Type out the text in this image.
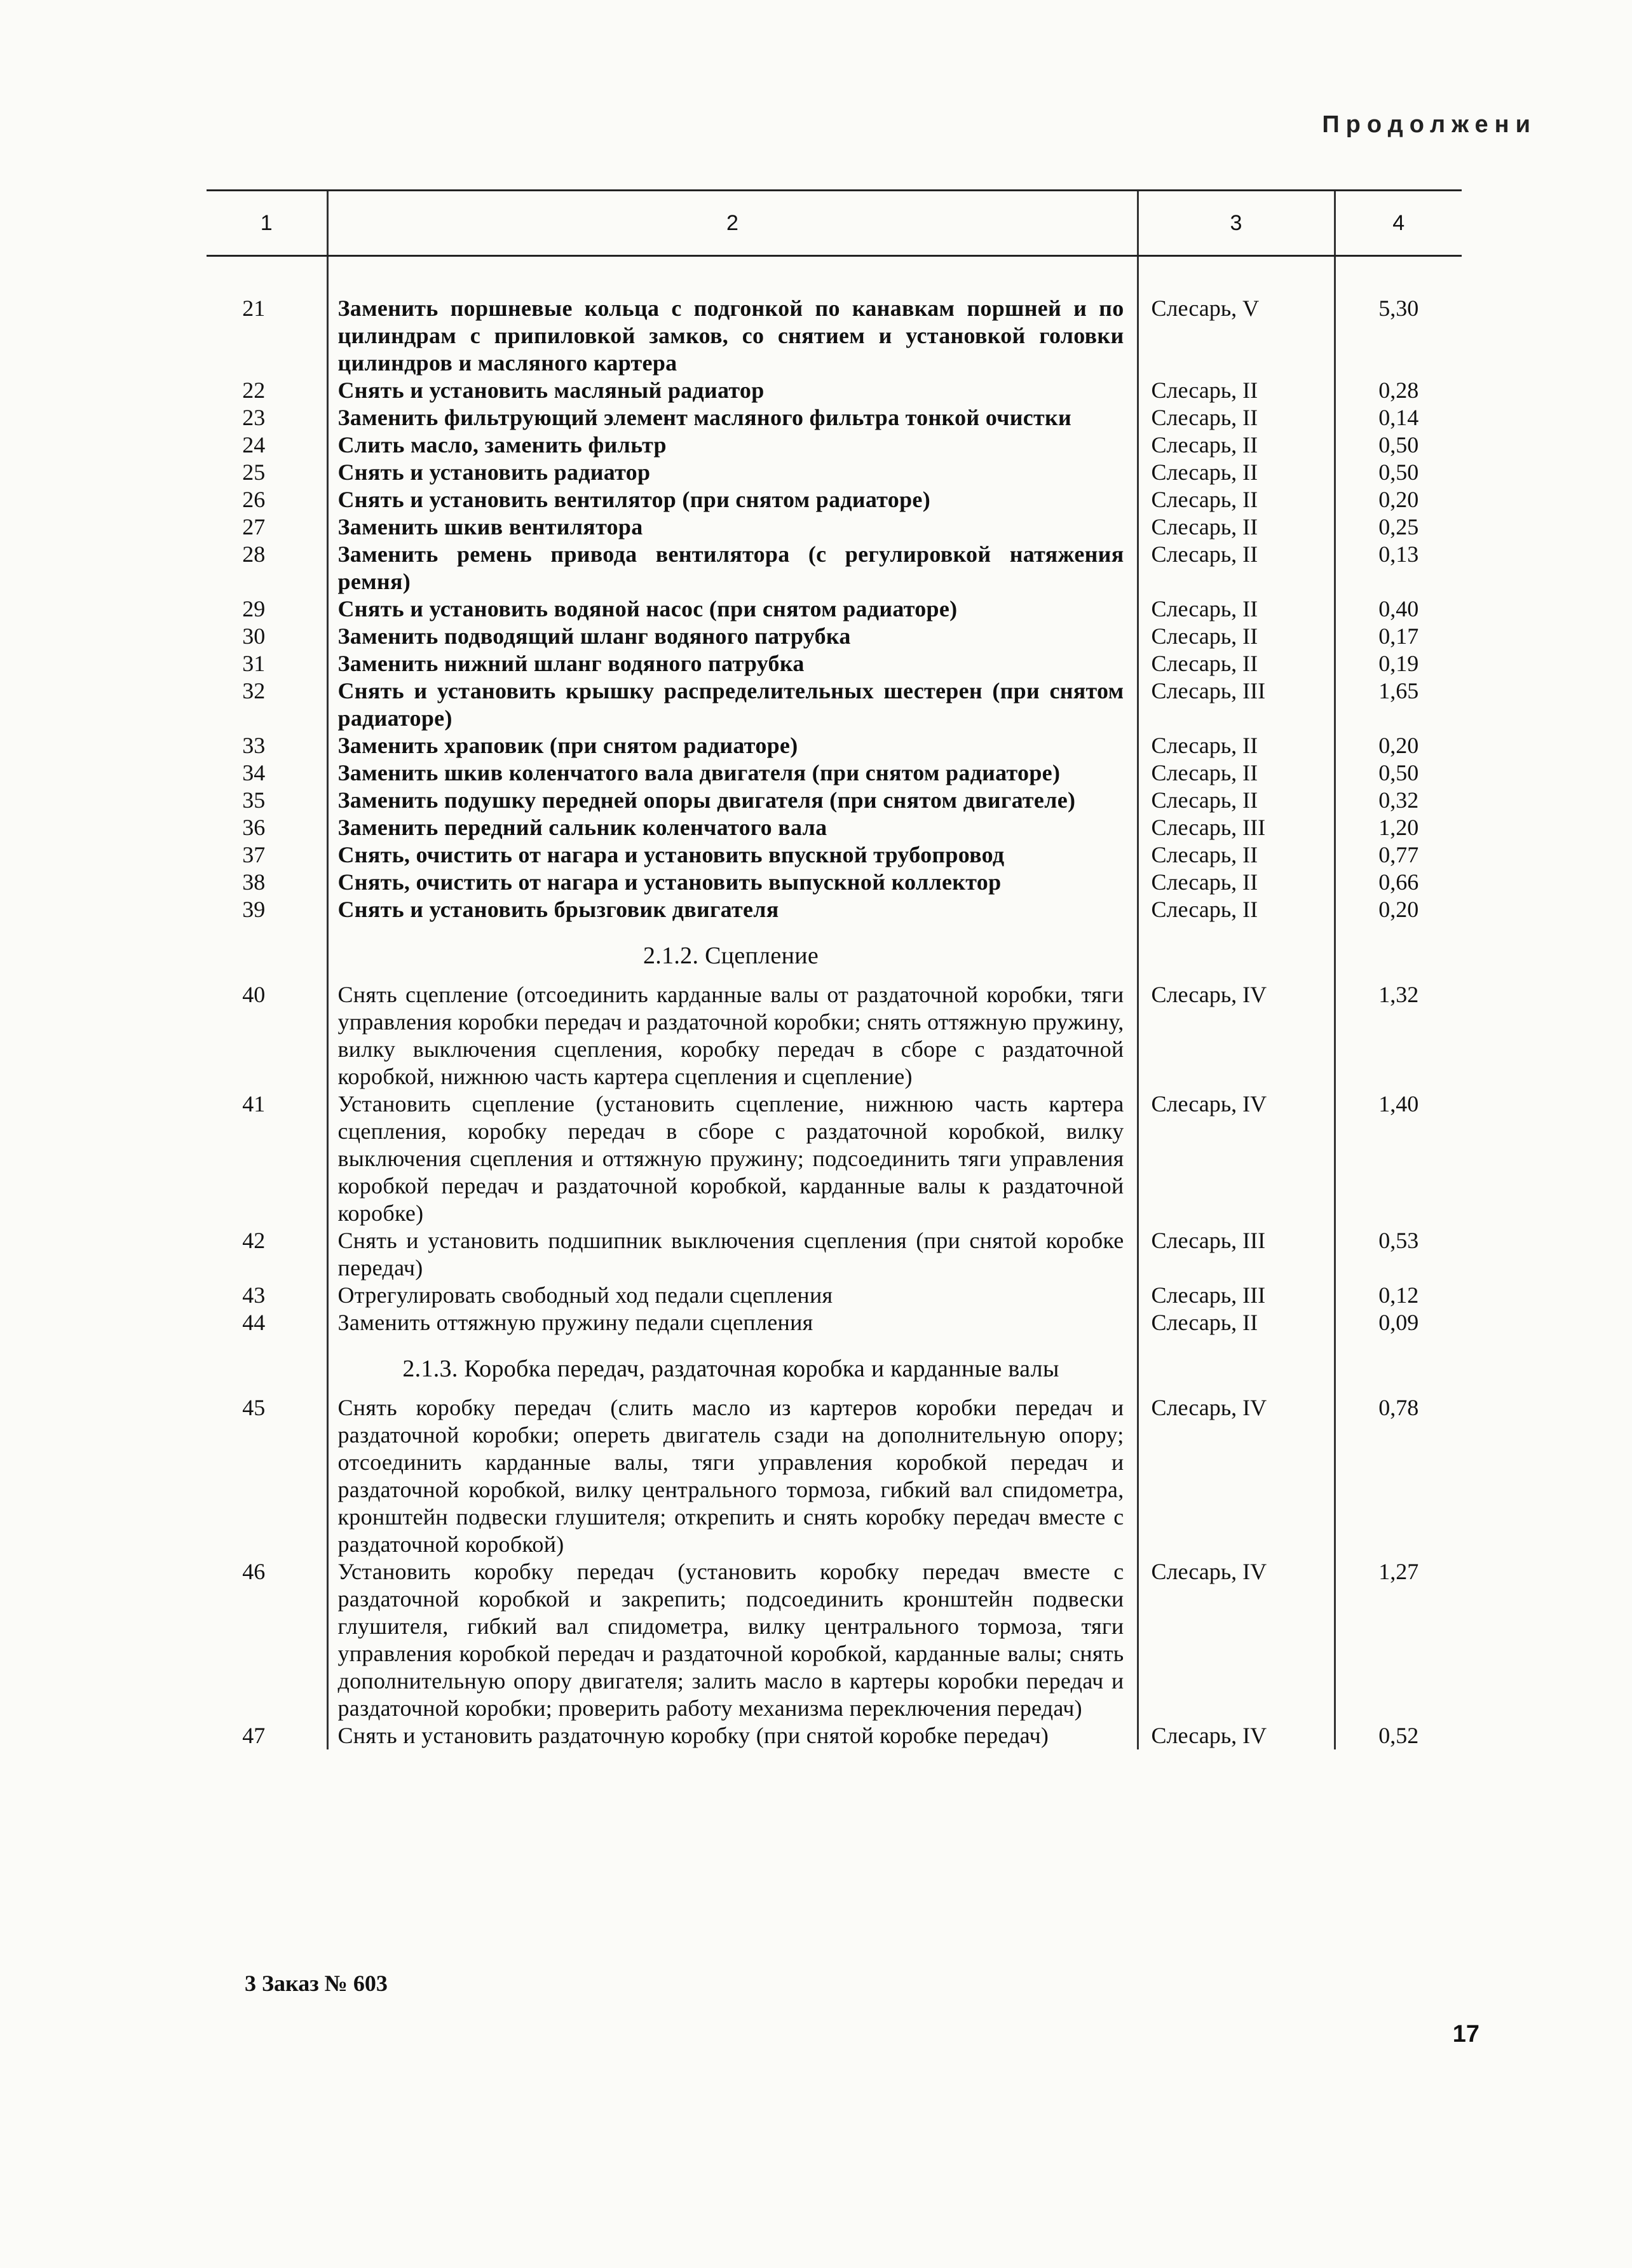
Продолжени
1	2	3	4
21	Заменить поршневые кольца с подгонкой по канавкам поршней и по цилиндрам с припиловкой замков, со снятием и установкой головки цилиндров и масляного картера	Слесарь, V	5,30
22	Снять и установить масляный радиатор	Слесарь, II	0,28
23	Заменить фильтрующий элемент масляного фильтра тонкой очистки	Слесарь, II	0,14
24	Слить масло, заменить фильтр	Слесарь, II	0,50
25	Снять и установить радиатор	Слесарь, II	0,50
26	Снять и установить вентилятор (при снятом радиаторе)	Слесарь, II	0,20
27	Заменить шкив вентилятора	Слесарь, II	0,25
28	Заменить ремень привода вентилятора (с регулировкой натяжения ремня)	Слесарь, II	0,13
29	Снять и установить водяной насос (при снятом радиаторе)	Слесарь, II	0,40
30	Заменить подводящий шланг водяного патрубка	Слесарь, II	0,17
31	Заменить нижний шланг водяного патрубка	Слесарь, II	0,19
32	Снять и установить крышку распределительных шестерен (при снятом радиаторе)	Слесарь, III	1,65
33	Заменить храповик (при снятом радиаторе)	Слесарь, II	0,20
34	Заменить шкив коленчатого вала двигателя (при снятом радиаторе)	Слесарь, II	0,50
35	Заменить подушку передней опоры двигателя (при снятом двигателе)	Слесарь, II	0,32
36	Заменить передний сальник коленчатого вала	Слесарь, III	1,20
37	Снять, очистить от нагара и установить впускной трубопровод	Слесарь, II	0,77
38	Снять, очистить от нагара и установить выпускной коллектор	Слесарь, II	0,66
39	Снять и установить брызговик двигателя	Слесарь, II	0,20
	2.1.2. Сцепление		
40	Снять сцепление (отсоединить карданные валы от раздаточной коробки, тяги управления коробки передач и раздаточной коробки; снять оттяжную пружину, вилку выключения сцепления, коробку передач в сборе с раздаточной коробкой, нижнюю часть картера сцепления и сцепление)	Слесарь, IV	1,32
41	Установить сцепление (установить сцепление, нижнюю часть картера сцепления, коробку передач в сборе с раздаточной коробкой, вилку выключения сцепления и оттяжную пружину; подсоединить тяги управления коробкой передач и раздаточной коробкой, карданные валы к раздаточной коробке)	Слесарь, IV	1,40
42	Снять и установить подшипник выключения сцепления (при снятой коробке передач)	Слесарь, III	0,53
43	Отрегулировать свободный ход педали сцепления	Слесарь, III	0,12
44	Заменить оттяжную пружину педали сцепления	Слесарь, II	0,09
	2.1.3. Коробка передач, раздаточная коробка и карданные валы		
45	Снять коробку передач (слить масло из картеров коробки передач и раздаточной коробки; опереть двигатель сзади на дополнительную опору; отсоединить карданные валы, тяги управления коробкой передач и раздаточной коробкой, вилку центрального тормоза, гибкий вал спидометра, кронштейн подвески глушителя; открепить и снять коробку передач вместе с раздаточной коробкой)	Слесарь, IV	0,78
46	Установить коробку передач (установить коробку передач вместе с раздаточной коробкой и закрепить; подсоединить кронштейн подвески глушителя, гибкий вал спидометра, вилку центрального тормоза, тяги управления коробкой передач и раздаточной коробкой, карданные валы; снять дополнительную опору двигателя; залить масло в картеры коробки передач и раздаточной коробки; проверить работу механизма переключения передач)	Слесарь, IV	1,27
47	Снять и установить раздаточную коробку (при снятой коробке передач)	Слесарь, IV	0,52
3 Заказ № 603
17
